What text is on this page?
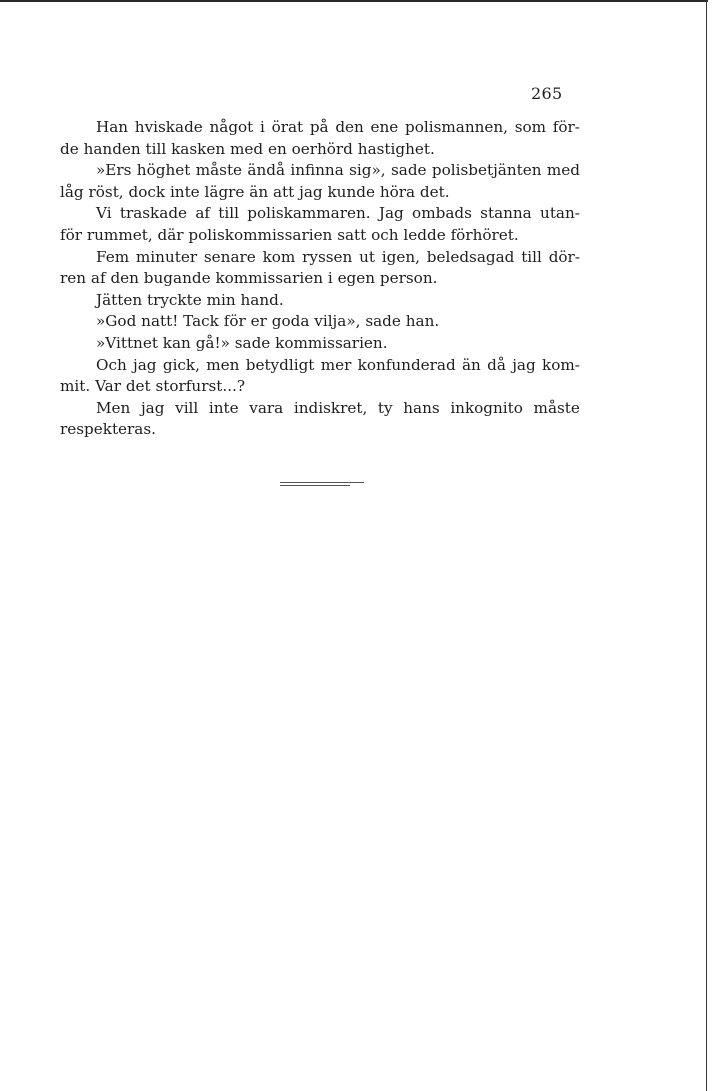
265
Han hviskade något i örat på den ene polismannen, som för-
de handen till kasken med en oerhörd hastighet.
»Ers höghet måste ändå infinna sig», sade polisbetjänten med
låg röst, dock inte lägre än att jag kunde höra det.
Vi traskade af till poliskammaren. Jag ombads stanna utan-
för rummet, där poliskommissarien satt och ledde förhöret.
Fem minuter senare kom ryssen ut igen, beledsagad till dör-
ren af den bugande kommissarien i egen person.
Jätten tryckte min hand.
»God natt! Tack för er goda vilja», sade han.
»Vittnet kan gå!» sade kommissarien.
Och jag gick, men betydligt mer konfunderad än då jag kom-
mit. Var det storfurst...?
Men jag vill inte vara indiskret, ty hans inkognito måste
respekteras.
